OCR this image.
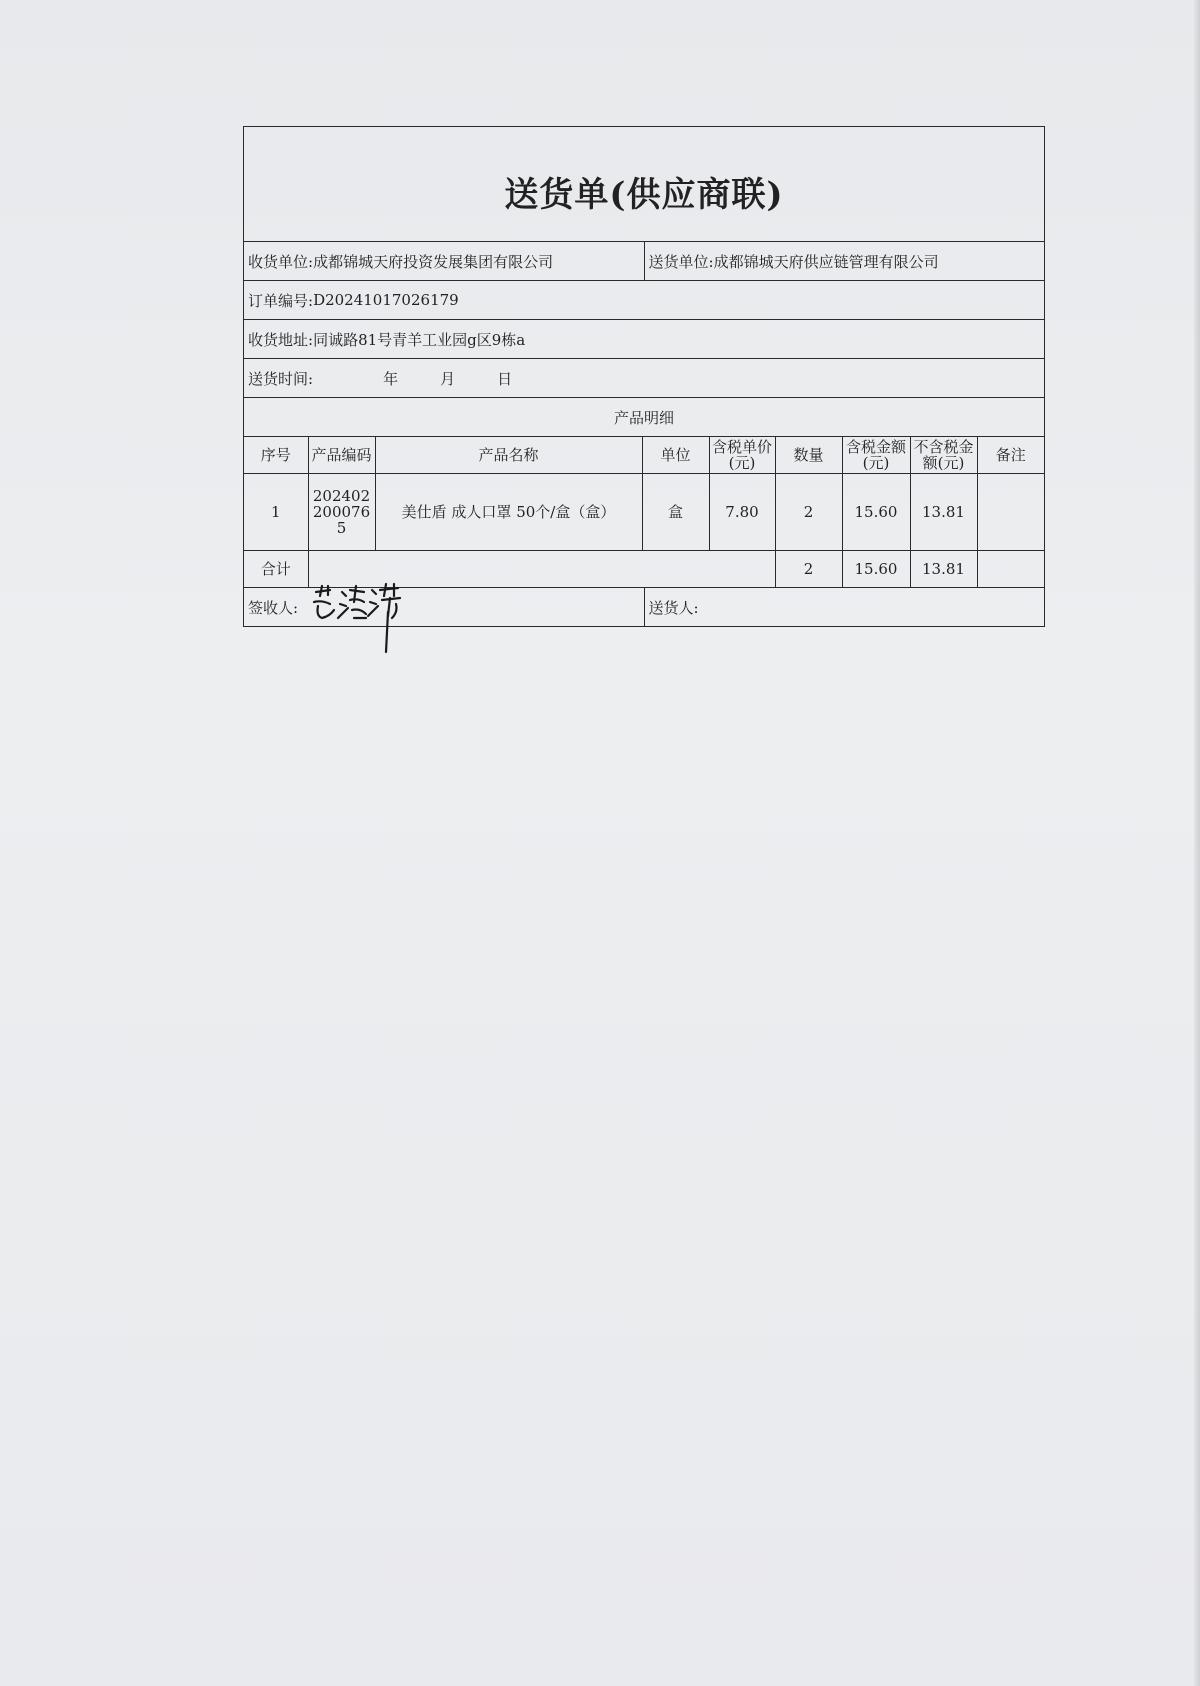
送货单(供应商联)
收货单位: 成都锦城天府投资发展集团有限公司	送货单位: 成都锦城天府供应链管理有限公司
订单编号: D20241017026179
收货地址: 同诚路81号青羊工业园g区9栋a
送货时间:	年	月	日
产品明细
序号	产品编码	产品名称	单位	含税单价(元)	数量	含税金额(元)	不含税金额(元)	备注
1	2024022000765	美仕盾 成人口罩 50个/盒（盒）	盒	7.80	2	15.60	13.81	
合计					2	15.60	13.81	
签收人:	送货人:
